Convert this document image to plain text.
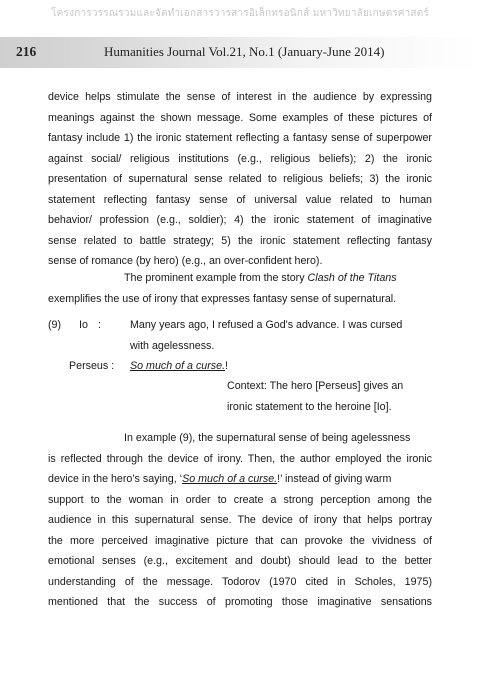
โครงการวรรณรวมและจัดทำเอกสารวารสารอิเล็กทรอนิกส์ มหาวิทยาลัยเกษตรศาสตร์
216	Humanities Journal Vol.21, No.1 (January-June 2014)
device helps stimulate the sense of interest in the audience by expressing
meanings against the shown message. Some examples of these pictures of
fantasy include 1) the ironic statement reflecting a fantasy sense of superpower
against social/ religious institutions (e.g., religious beliefs); 2) the ironic
presentation of supernatural sense related to religious beliefs; 3) the ironic
statement reflecting fantasy sense of universal value related to human
behavior/ profession (e.g., soldier); 4) the ironic statement of imaginative
sense related to battle strategy; 5) the ironic statement reflecting fantasy
sense of romance (by hero) (e.g., an over-confident hero).
The prominent example from the story Clash of the Titans
exemplifies the use of irony that expresses fantasy sense of supernatural.
(9) Io :	Many years ago, I refused a God's advance. I was cursed
with agelessness.
Perseus : So much of a curse.!
Context: The hero [Perseus] gives an
ironic statement to the heroine [Io].
In example (9), the supernatural sense of being agelessness
is reflected through the device of irony. Then, the author employed the ironic
device in the hero’s saying, ‘So much of a curse.!’ instead of giving warm
support to the woman in order to create a strong perception among the
audience in this supernatural sense. The device of irony that helps portray
the more perceived imaginative picture that can provoke the vividness of
emotional senses (e.g., excitement and doubt) should lead to the better
understanding of the message. Todorov (1970 cited in Scholes, 1975)
mentioned that the success of promoting those imaginative sensations
